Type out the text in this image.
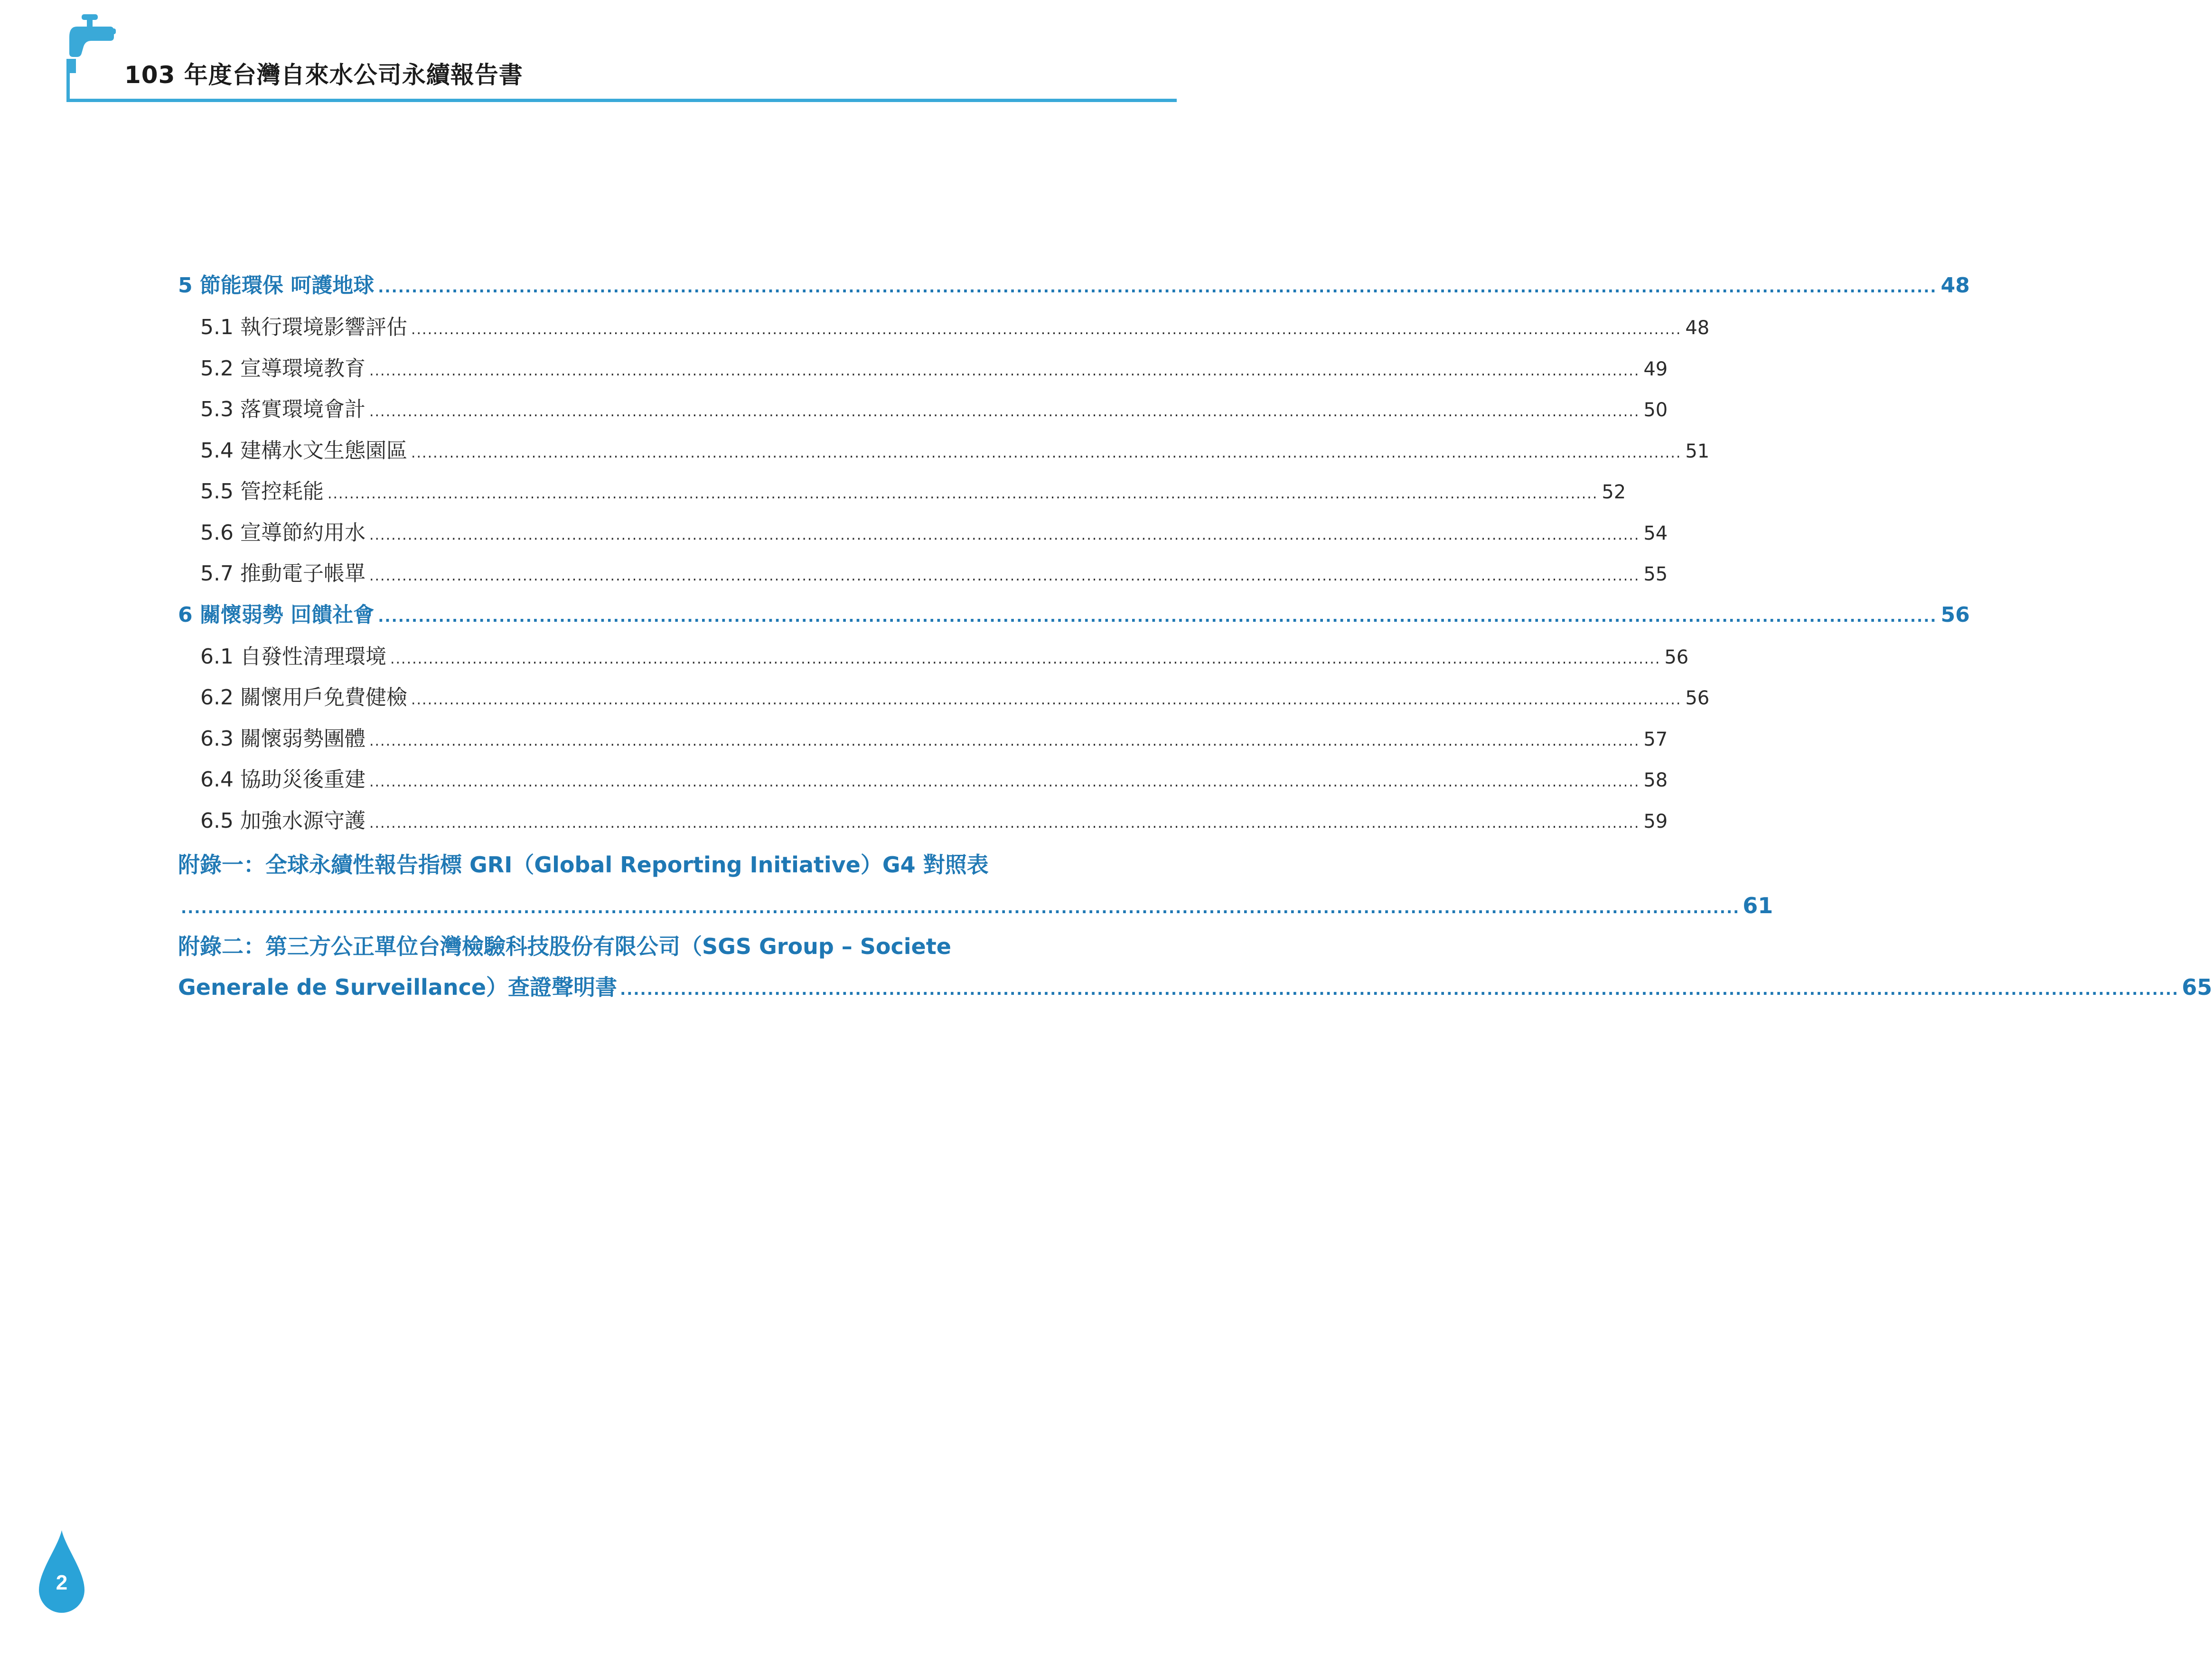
103 年度台灣自來水公司永續報告書
5 節能環保 呵護地球 ........................................................................................................................................................................................................................................ 48
5.1 執行環境影響評估 ........................................................................................................................................................................................................................................ 48
5.2 宣導環境教育 ........................................................................................................................................................................................................................................ 49
5.3 落實環境會計 ........................................................................................................................................................................................................................................ 50
5.4 建構水文生態園區 ........................................................................................................................................................................................................................................ 51
5.5 管控耗能 ........................................................................................................................................................................................................................................ 52
5.6 宣導節約用水 ........................................................................................................................................................................................................................................ 54
5.7 推動電子帳單 ........................................................................................................................................................................................................................................ 55
6 關懷弱勢 回饋社會 ........................................................................................................................................................................................................................................ 56
6.1 自發性清理環境 ........................................................................................................................................................................................................................................ 56
6.2 關懷用戶免費健檢 ........................................................................................................................................................................................................................................ 56
6.3 關懷弱勢團體 ........................................................................................................................................................................................................................................ 57
6.4 協助災後重建 ........................................................................................................................................................................................................................................ 58
6.5 加強水源守護 ........................................................................................................................................................................................................................................ 59
附錄一：全球永續性報告指標 GRI（Global Reporting Initiative）G4 對照表
........................................................................................................................................................................................................................................ 61
附錄二：第三方公正單位台灣檢驗科技股份有限公司（SGS Group – Societe
Generale de Surveillance）查證聲明書 ........................................................................................................................................................................................................................................ 65
2
